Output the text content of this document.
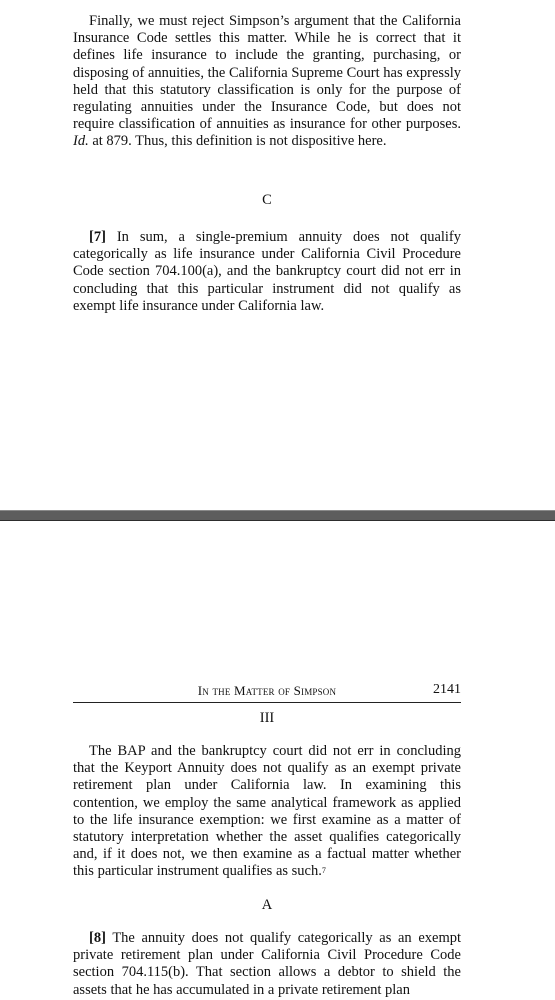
Finally, we must reject Simpson’s argument that the California Insurance Code settles this matter. While he is correct that it defines life insurance to include the granting, purchasing, or disposing of annuities, the California Supreme Court has expressly held that this statutory classification is only for the purpose of regulating annuities under the Insurance Code, but does not require classification of annuities as insurance for other purposes. Id. at 879. Thus, this definition is not dispositive here.

C

[7] In sum, a single-premium annuity does not qualify categorically as life insurance under California Civil Procedure Code section 704.100(a), and the bankruptcy court did not err in concluding that this particular instrument did not qualify as exempt life insurance under California law.

In the Matter of Simpson	2141

III

The BAP and the bankruptcy court did not err in concluding that the Keyport Annuity does not qualify as an exempt private retirement plan under California law. In examining this contention, we employ the same analytical framework as applied to the life insurance exemption: we first examine as a matter of statutory interpretation whether the asset qualifies categorically and, if it does not, we then examine as a factual matter whether this particular instrument qualifies as such.$^7$

A

[8] The annuity does not qualify categorically as an exempt private retirement plan under California Civil Procedure Code section 704.115(b). That section allows a debtor to shield the assets that he has accumulated in a private retirement plan
